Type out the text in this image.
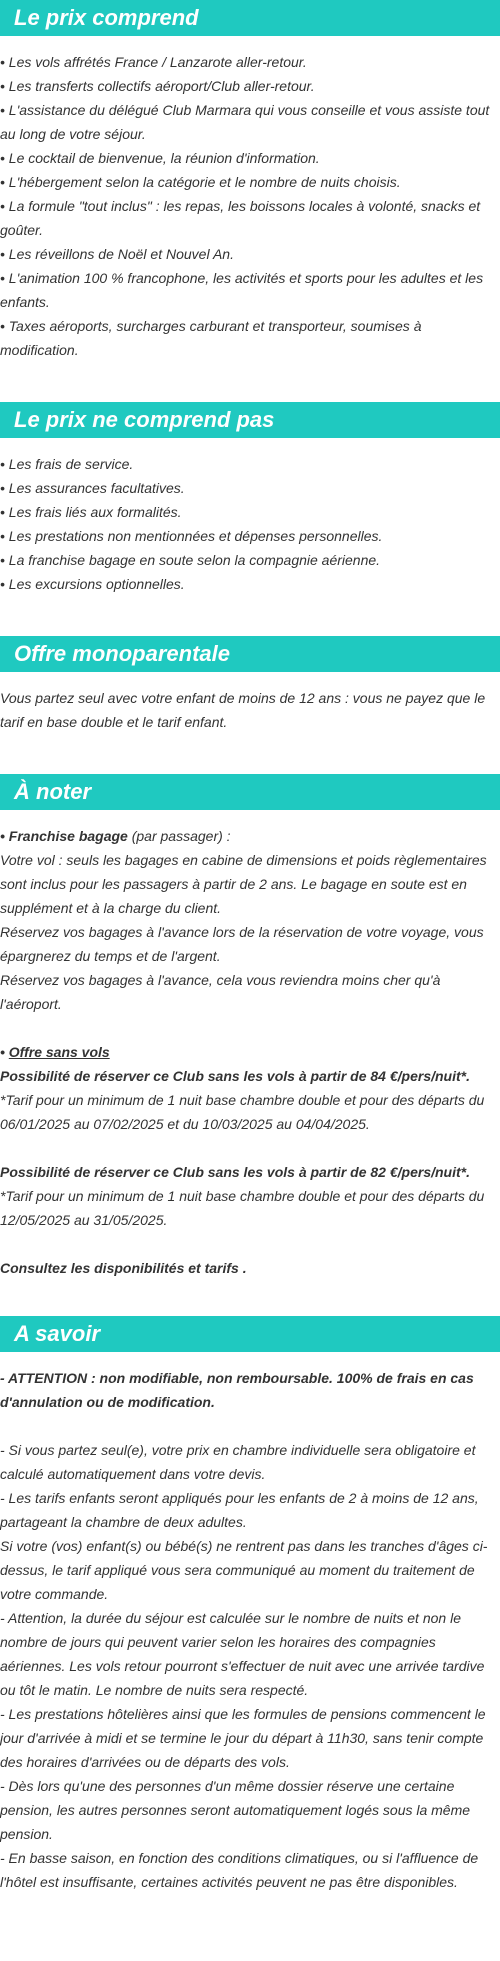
Le prix comprend

• Les vols affrétés France / Lanzarote aller-retour.

• Les transferts collectifs aéroport/Club aller-retour.

• L'assistance du délégué Club Marmara qui vous conseille et vous assiste tout au long de votre séjour.

• Le cocktail de bienvenue, la réunion d'information.

• L'hébergement selon la catégorie et le nombre de nuits choisis.

• La formule "tout inclus" : les repas, les boissons locales à volonté, snacks et goûter.

• Les réveillons de Noël et Nouvel An.

• L'animation 100 % francophone, les activités et sports pour les adultes et les enfants.

• Taxes aéroports, surcharges carburant et transporteur, soumises à modification.

Le prix ne comprend pas

• Les frais de service.

• Les assurances facultatives.

• Les frais liés aux formalités.

• Les prestations non mentionnées et dépenses personnelles.

• La franchise bagage en soute selon la compagnie aérienne.

• Les excursions optionnelles.

Offre monoparentale

Vous partez seul avec votre enfant de moins de 12 ans : vous ne payez que le tarif en base double et le tarif enfant.

À noter

• Franchise bagage (par passager) :

Votre vol : seuls les bagages en cabine de dimensions et poids règlementaires sont inclus pour les passagers à partir de 2 ans. Le bagage en soute est en supplément et à la charge du client.

Réservez vos bagages à l'avance lors de la réservation de votre voyage, vous épargnerez du temps et de l'argent.

Réservez vos bagages à l'avance, cela vous reviendra moins cher qu'à l'aéroport.

• Offre sans vols

Possibilité de réserver ce Club sans les vols à partir de 84 €/pers/nuit*.

*Tarif pour un minimum de 1 nuit base chambre double et pour des départs du 06/01/2025 au 07/02/2025 et du 10/03/2025 au 04/04/2025.

Possibilité de réserver ce Club sans les vols à partir de 82 €/pers/nuit*.

*Tarif pour un minimum de 1 nuit base chambre double et pour des départs du 12/05/2025 au 31/05/2025.

Consultez les disponibilités et tarifs .

A savoir

- ATTENTION : non modifiable, non remboursable. 100% de frais en cas d'annulation ou de modification.

- Si vous partez seul(e), votre prix en chambre individuelle sera obligatoire et calculé automatiquement dans votre devis.

- Les tarifs enfants seront appliqués pour les enfants de 2 à moins de 12 ans, partageant la chambre de deux adultes.

Si votre (vos) enfant(s) ou bébé(s) ne rentrent pas dans les tranches d'âges ci-dessus, le tarif appliqué vous sera communiqué au moment du traitement de votre commande.

- Attention, la durée du séjour est calculée sur le nombre de nuits et non le nombre de jours qui peuvent varier selon les horaires des compagnies aériennes. Les vols retour pourront s'effectuer de nuit avec une arrivée tardive ou tôt le matin. Le nombre de nuits sera respecté.

- Les prestations hôtelières ainsi que les formules de pensions commencent le jour d'arrivée à midi et se termine le jour du départ à 11h30, sans tenir compte des horaires d'arrivées ou de départs des vols.

- Dès lors qu'une des personnes d'un même dossier réserve une certaine pension, les autres personnes seront automatiquement logés sous la même pension.

- En basse saison, en fonction des conditions climatiques, ou si l'affluence de l'hôtel est insuffisante, certaines activités peuvent ne pas être disponibles.
